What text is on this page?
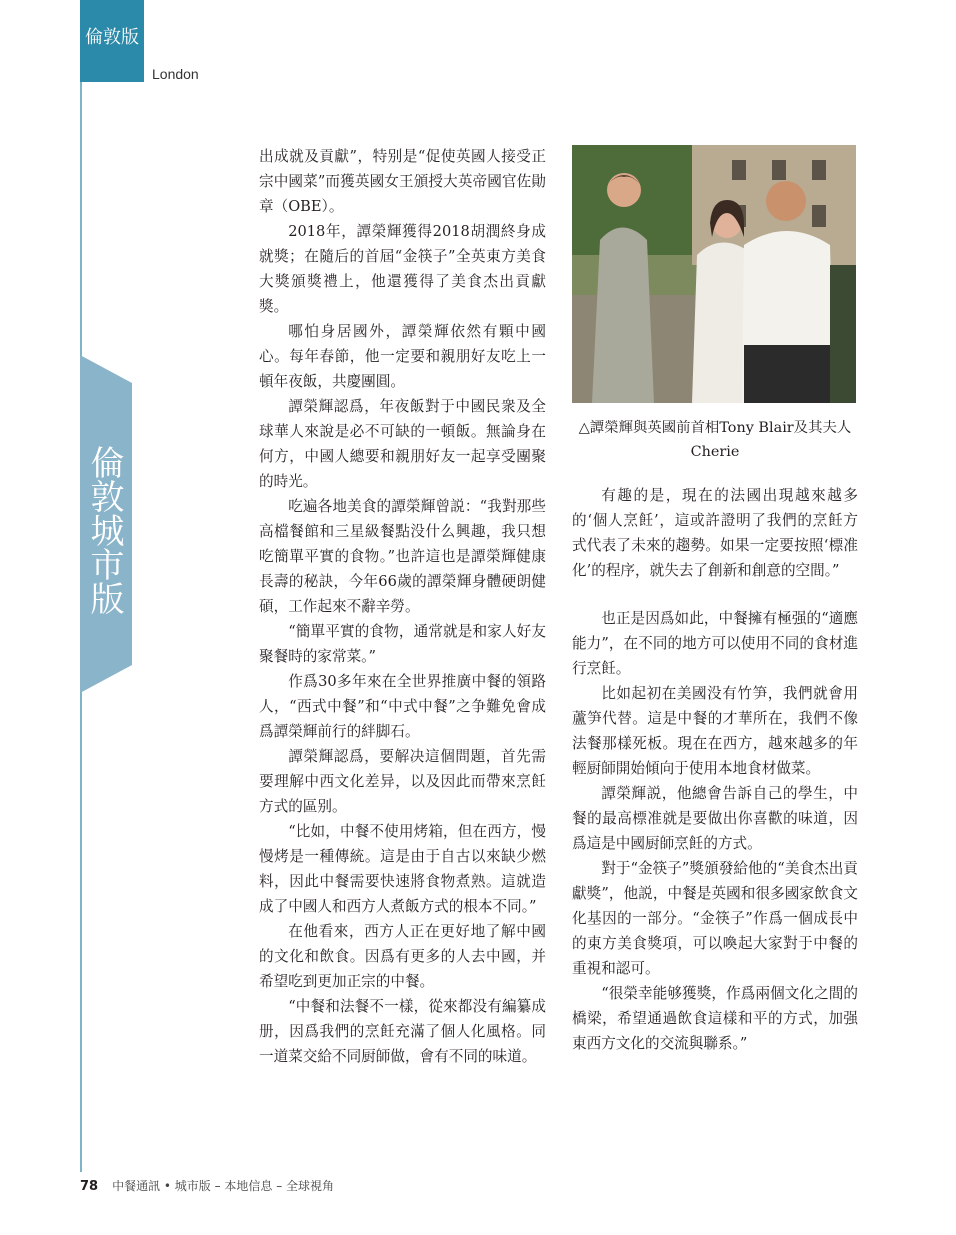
倫敦版
London
倫敦城市版

出成就及貢獻”，特别是“促使英國人接受正宗中國菜”而獲英國女王頒授大英帝國官佐勛章（OBE）。

2018年，譚榮輝獲得2018胡潤終身成就獎；在隨后的首屆“金筷子”全英東方美食大獎頒獎禮上，他還獲得了美食杰出貢獻獎。

哪怕身居國外，譚榮輝依然有顆中國心。每年春節，他一定要和親朋好友吃上一頓年夜飯，共慶團圓。

譚榮輝認爲，年夜飯對于中國民衆及全球華人來說是必不可缺的一頓飯。無論身在何方，中國人總要和親朋好友一起享受團聚的時光。

吃遍各地美食的譚榮輝曾説：“我對那些高檔餐館和三星級餐點没什么興趣，我只想吃簡單平實的食物。”也許這也是譚榮輝健康長壽的秘訣，今年66歲的譚榮輝身體硬朗健碩，工作起來不辭辛勞。

“簡單平實的食物，通常就是和家人好友聚餐時的家常菜。”

作爲30多年來在全世界推廣中餐的領路人，“西式中餐”和“中式中餐”之争難免會成爲譚榮輝前行的絆脚石。

譚榮輝認爲，要解决這個問題，首先需要理解中西文化差异，以及因此而帶來烹飪方式的區别。

“比如，中餐不使用烤箱，但在西方，慢慢烤是一種傳統。這是由于自古以來缺少燃料，因此中餐需要快速將食物煮熟。這就造成了中國人和西方人煮飯方式的根本不同。”

在他看來，西方人正在更好地了解中國的文化和飲食。因爲有更多的人去中國，并希望吃到更加正宗的中餐。

“中餐和法餐不一樣，從來都没有編纂成册，因爲我們的烹飪充滿了個人化風格。同一道菜交給不同厨師做，會有不同的味道。

△譚榮輝與英國前首相Tony Blair及其夫人Cherie

有趣的是，現在的法國出現越來越多的‘個人烹飪’，這或許證明了我們的烹飪方式代表了未來的趨勢。如果一定要按照‘標准化’的程序，就失去了創新和創意的空間。”

也正是因爲如此，中餐擁有極强的“適應能力”，在不同的地方可以使用不同的食材進行烹飪。

比如起初在美國没有竹笋，我們就會用蘆笋代替。這是中餐的才華所在，我們不像法餐那樣死板。現在在西方，越來越多的年輕厨師開始傾向于使用本地食材做菜。

譚榮輝説，他總會告訴自己的學生，中餐的最高標准就是要做出你喜歡的味道，因爲這是中國厨師烹飪的方式。

對于“金筷子”獎頒發給他的“美食杰出貢獻獎”，他説，中餐是英國和很多國家飲食文化基因的一部分。“金筷子”作爲一個成長中的東方美食獎項，可以喚起大家對于中餐的重視和認可。

“很榮幸能够獲獎，作爲兩個文化之間的橋梁，希望通過飲食這樣和平的方式，加强東西方文化的交流與聯系。”

78 中餐通訊 • 城市版 – 本地信息 – 全球視角
